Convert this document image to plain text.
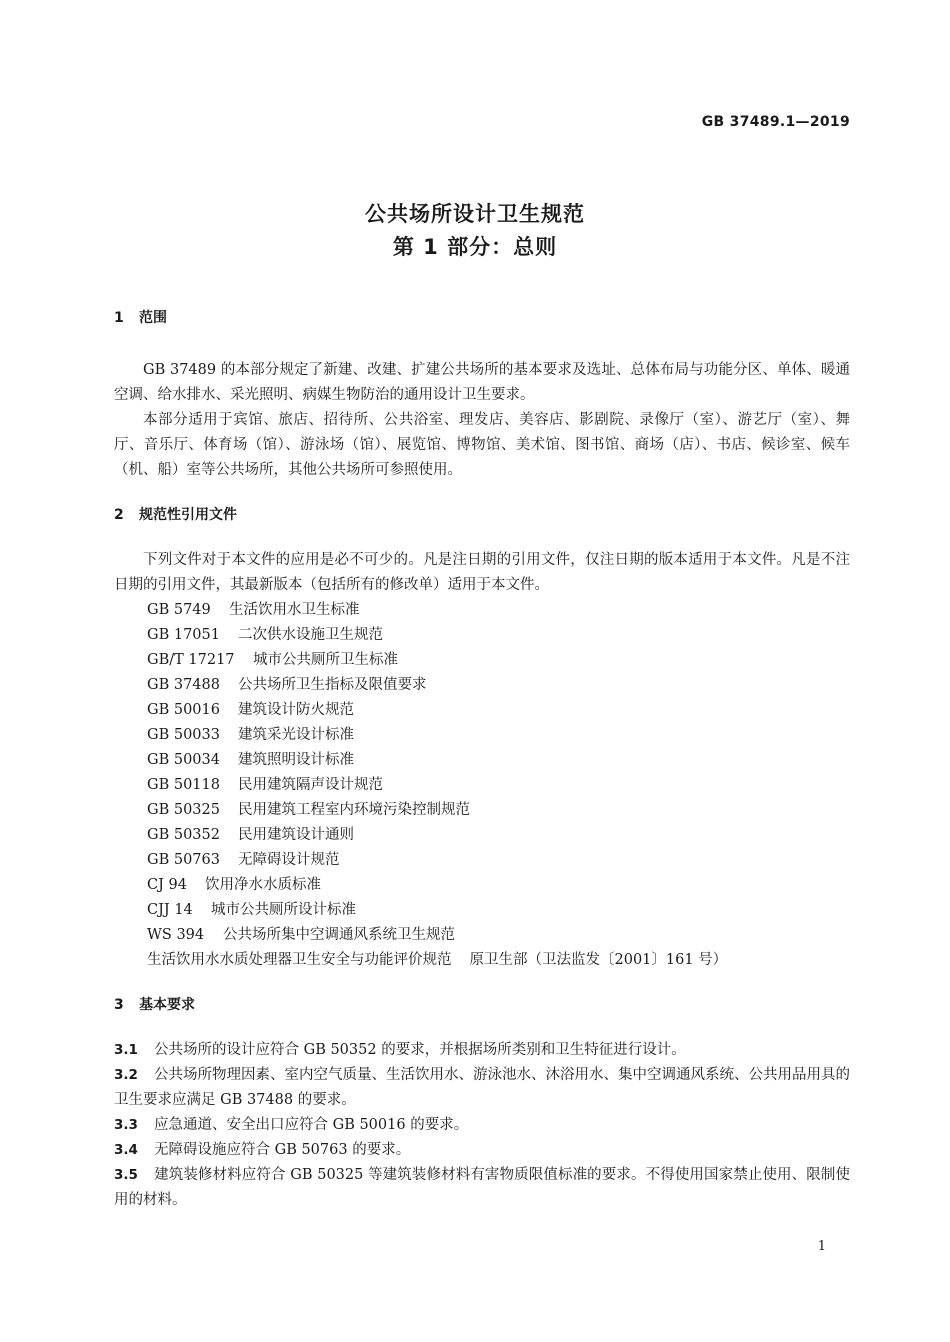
GB 37489.1—2019
公共场所设计卫生规范
第 1 部分：总则
1 范围
GB 37489 的本部分规定了新建、改建、扩建公共场所的基本要求及选址、总体布局与功能分区、单体、暖通空调、给水排水、采光照明、病媒生物防治的通用设计卫生要求。
本部分适用于宾馆、旅店、招待所、公共浴室、理发店、美容店、影剧院、录像厅（室）、游艺厅（室）、舞厅、音乐厅、体育场（馆）、游泳场（馆）、展览馆、博物馆、美术馆、图书馆、商场（店）、书店、候诊室、候车（机、船）室等公共场所，其他公共场所可参照使用。
2 规范性引用文件
下列文件对于本文件的应用是必不可少的。凡是注日期的引用文件，仅注日期的版本适用于本文件。凡是不注日期的引用文件，其最新版本（包括所有的修改单）适用于本文件。
GB 5749 生活饮用水卫生标准
GB 17051 二次供水设施卫生规范
GB/T 17217 城市公共厕所卫生标准
GB 37488 公共场所卫生指标及限值要求
GB 50016 建筑设计防火规范
GB 50033 建筑采光设计标准
GB 50034 建筑照明设计标准
GB 50118 民用建筑隔声设计规范
GB 50325 民用建筑工程室内环境污染控制规范
GB 50352 民用建筑设计通则
GB 50763 无障碍设计规范
CJ 94 饮用净水水质标准
CJJ 14 城市公共厕所设计标准
WS 394 公共场所集中空调通风系统卫生规范
生活饮用水水质处理器卫生安全与功能评价规范 原卫生部（卫法监发〔2001〕161 号）
3 基本要求
3.1 公共场所的设计应符合 GB 50352 的要求，并根据场所类别和卫生特征进行设计。
3.2 公共场所物理因素、室内空气质量、生活饮用水、游泳池水、沐浴用水、集中空调通风系统、公共用品用具的卫生要求应满足 GB 37488 的要求。
3.3 应急通道、安全出口应符合 GB 50016 的要求。
3.4 无障碍设施应符合 GB 50763 的要求。
3.5 建筑装修材料应符合 GB 50325 等建筑装修材料有害物质限值标准的要求。不得使用国家禁止使用、限制使用的材料。
1
